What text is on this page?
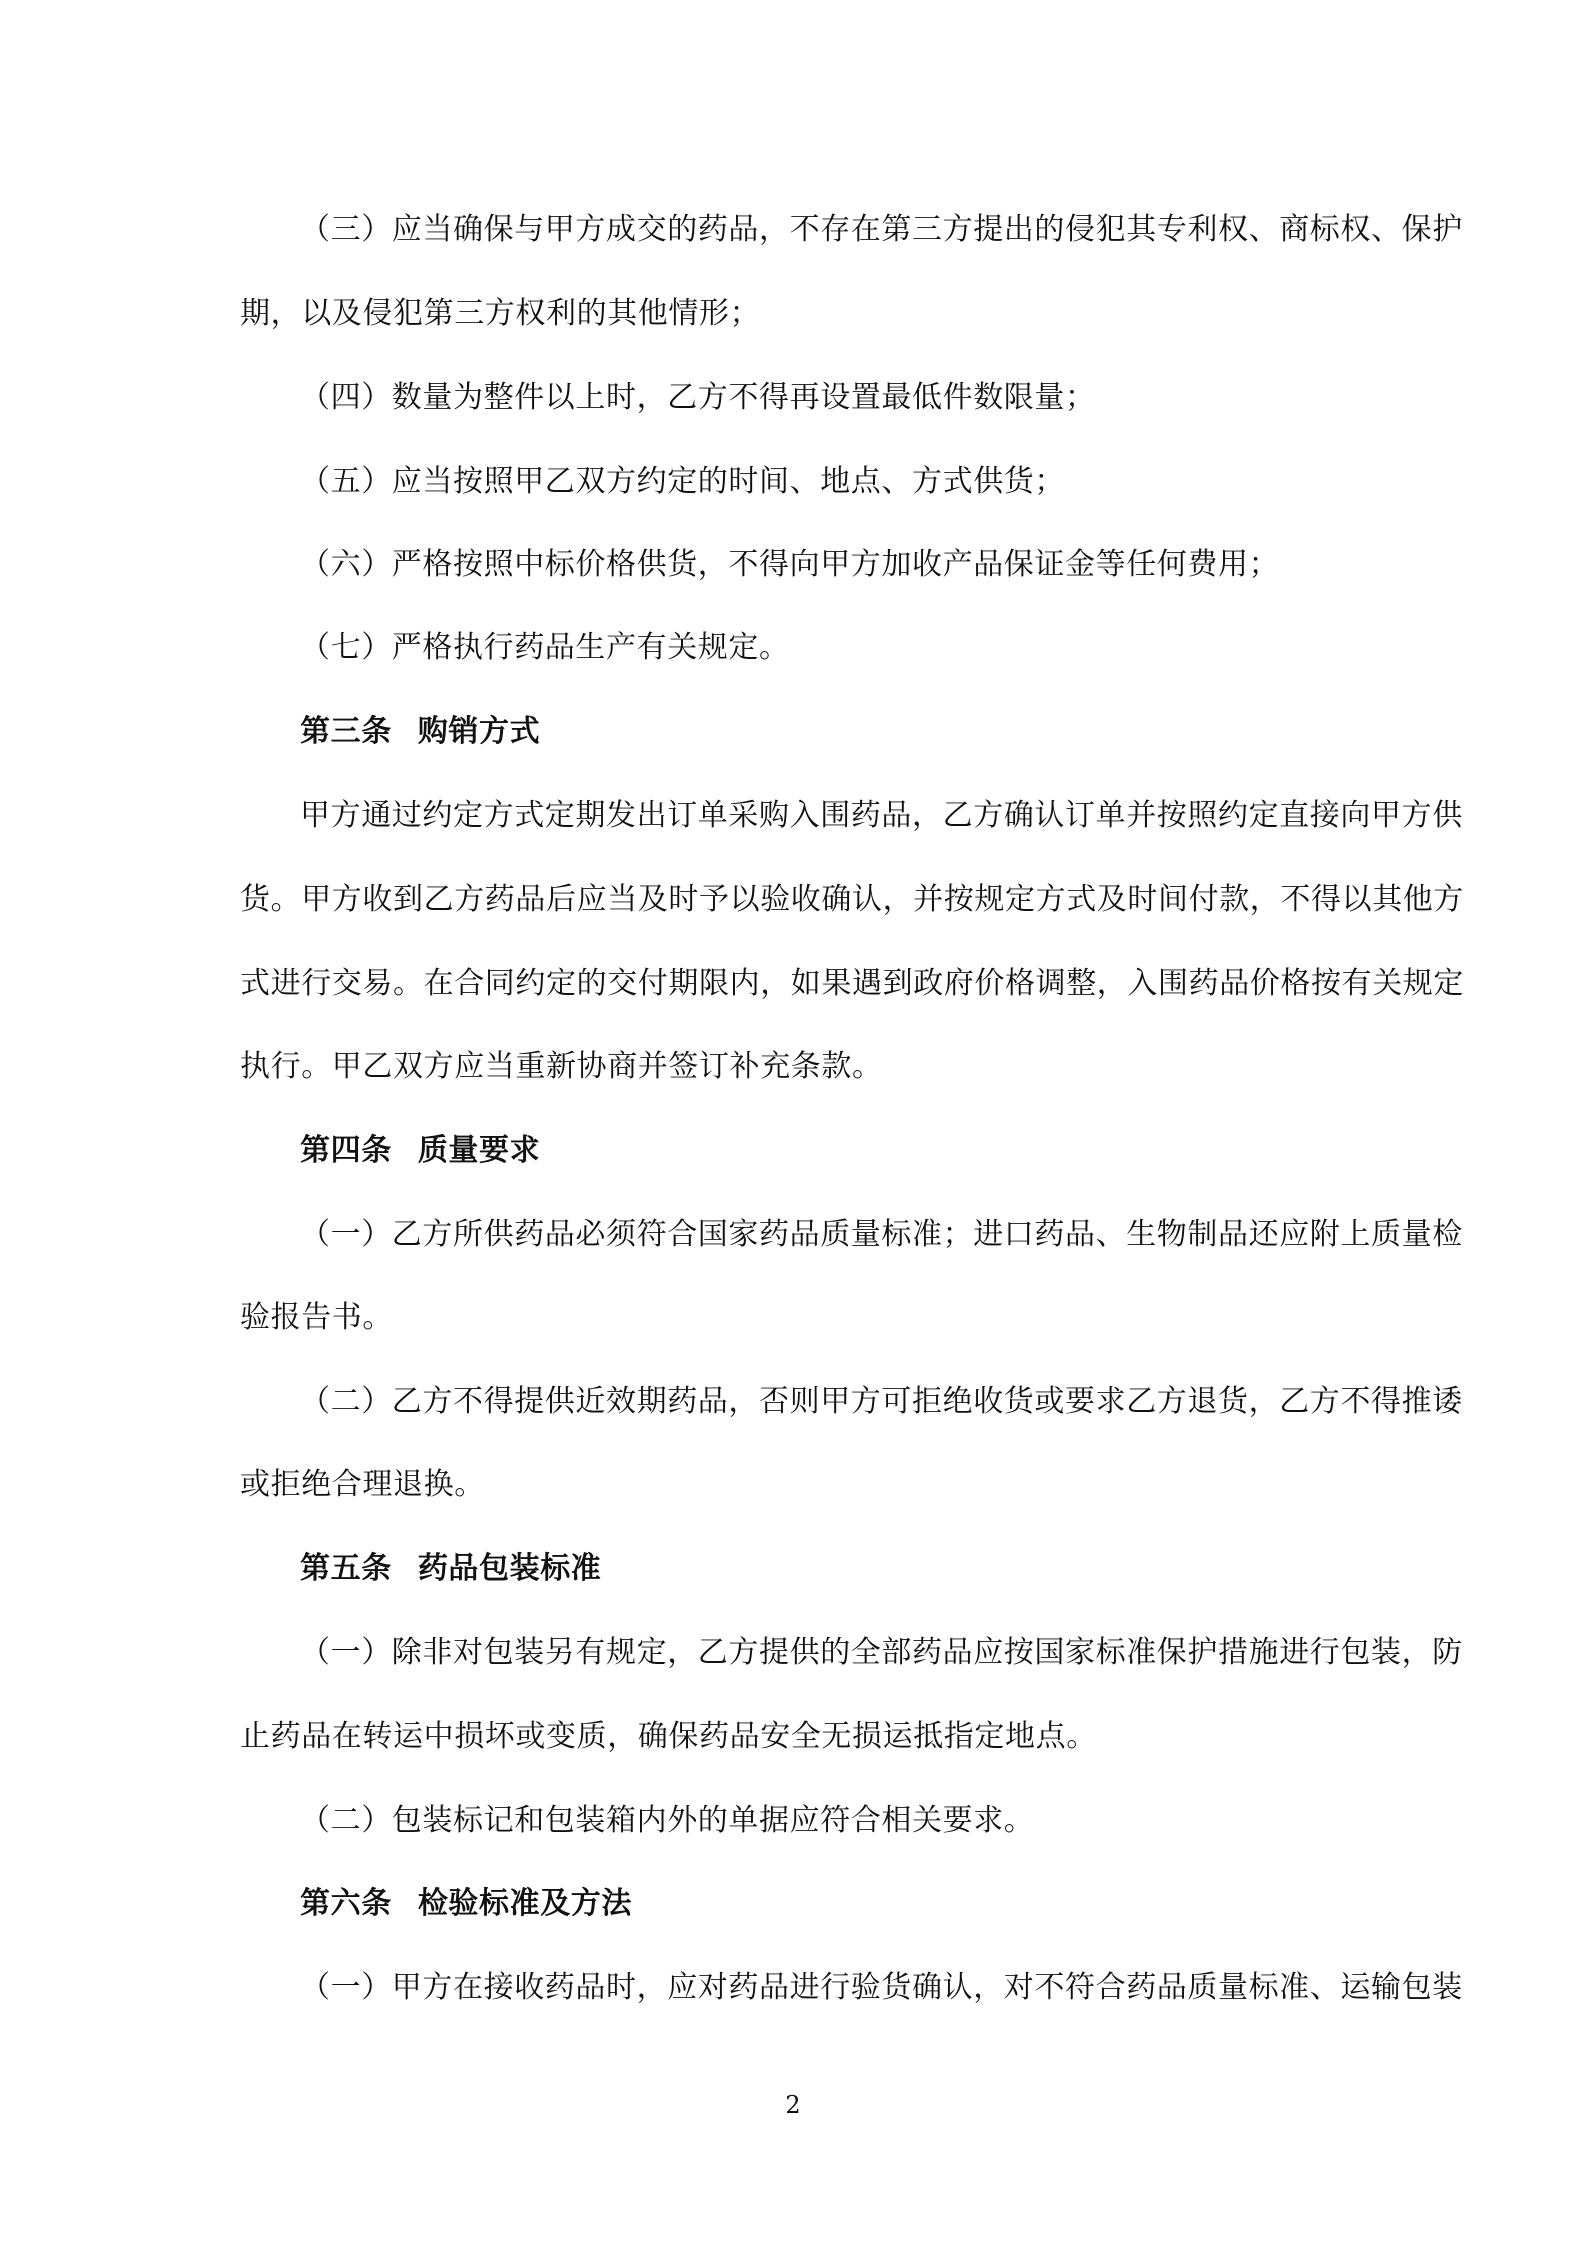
（三）应当确保与甲方成交的药品，不存在第三方提出的侵犯其专利权、商标权、保护
期，以及侵犯第三方权利的其他情形；
（四）数量为整件以上时，乙方不得再设置最低件数限量；
（五）应当按照甲乙双方约定的时间、地点、方式供货；
（六）严格按照中标价格供货，不得向甲方加收产品保证金等任何费用；
（七）严格执行药品生产有关规定。
第三条 购销方式
甲方通过约定方式定期发出订单采购入围药品，乙方确认订单并按照约定直接向甲方供
货。甲方收到乙方药品后应当及时予以验收确认，并按规定方式及时间付款，不得以其他方
式进行交易。在合同约定的交付期限内，如果遇到政府价格调整，入围药品价格按有关规定
执行。甲乙双方应当重新协商并签订补充条款。
第四条 质量要求
（一）乙方所供药品必须符合国家药品质量标准；进口药品、生物制品还应附上质量检
验报告书。
（二）乙方不得提供近效期药品，否则甲方可拒绝收货或要求乙方退货，乙方不得推诿
或拒绝合理退换。
第五条 药品包装标准
（一）除非对包装另有规定，乙方提供的全部药品应按国家标准保护措施进行包装，防
止药品在转运中损坏或变质，确保药品安全无损运抵指定地点。
（二）包装标记和包装箱内外的单据应符合相关要求。
第六条 检验标准及方法
（一）甲方在接收药品时，应对药品进行验货确认，对不符合药品质量标准、运输包装
2
